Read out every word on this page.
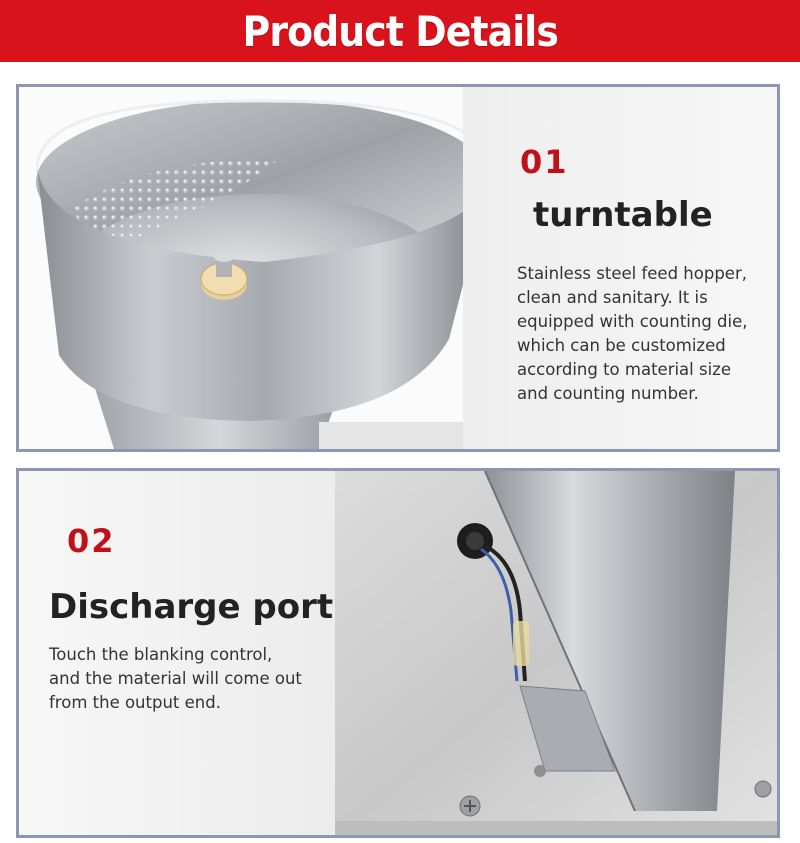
Product Details
01
turntable

Stainless steel feed hopper,
clean and sanitary. It is
equipped with counting die,
which can be customized
according to material size
and counting number.

02
Discharge port

Touch the blanking control,
and the material will come out
from the output end.
